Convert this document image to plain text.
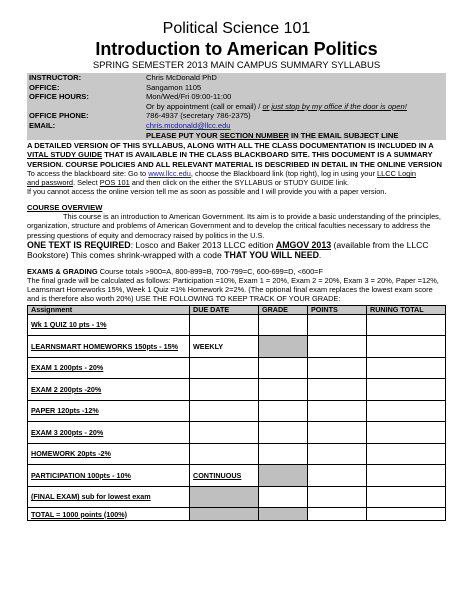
Political Science 101
Introduction to American Politics
SPRING SEMESTER 2013 MAIN CAMPUS SUMMARY SYLLABUS
INSTRUCTOR:	Chris McDonald PhD
OFFICE:	Sangamon 1105
OFFICE HOURS:	Mon/Wed/Fri 09:00-11:00
	Or by appointment (call or email) / or just stop by my office if the door is open!
OFFICE PHONE:	786-4937 (secretary 786-2375)
EMAIL:	chris.mcdonald@llcc.edu
	PLEASE PUT YOUR SECTION NUMBER IN THE EMAIL SUBJECT LINE
A DETAILED VERSION OF THIS SYLLABUS, ALONG WITH ALL THE CLASS DOCUMENTATION IS INCLUDED IN A VITAL STUDY GUIDE THAT IS AVAILABLE IN THE CLASS BLACKBOARD SITE. THIS DOCUMENT IS A SUMMARY VERSION. COURSE POLICIES AND ALL RELEVANT MATERIAL IS DESCRIBED IN DETAIL IN THE ONLINE VERSION
To access the blackboard site: Go to www.llcc.edu, choose the Blackboard link (top right), log in using your LLCC Login
and password. Select POS 101 and then click on the either the SYLLABUS or STUDY GUIDE link.
If you cannot access the online version tell me as soon as possible and I will provide you with a paper version.
COURSE OVERVIEW
This course is an introduction to American Government. Its aim is to provide a basic understanding of the principles, organization, structure and problems of American Government and to develop the critical faculties necessary to address the pressing questions of equity and democracy raised by politics in the U.S.
ONE TEXT IS REQUIRED: Losco and Baker 2013 LLCC edition AMGOV 2013 (available from the LLCC
Bookstore) This comes shrink-wrapped with a code THAT YOU WILL NEED.
EXAMS & GRADING Course totals >900=A, 800-899=B, 700-799=C, 600-699=D, <600=F
The final grade will be calculated as follows: Participation =10%, Exam 1 = 20%, Exam 2 = 20%, Exam 3 = 20%, Paper =12%, Learnsmart Homeworks 15%, Week 1 Quiz =1% Homework 2=2%. (The optional final exam replaces the lowest exam score and is therefore also worth 20%) USE THE FOLLOWING TO KEEP TRACK OF YOUR GRADE:
Assignment	DUE DATE	GRADE	POINTS	RUNING TOTAL
Wk 1 QUIZ 10 pts - 1%				
LEARNSMART HOMEWORKS 150pts - 15%	WEEKLY			
EXAM 1 200pts - 20%				
EXAM 2 200pts -20%				
PAPER 120pts -12%				
EXAM 3 200pts - 20%				
HOMEWORK 20pts -2%				
PARTICIPATION 100pts - 10%	CONTINUOUS			
(FINAL EXAM) sub for lowest exam				
TOTAL = 1000 points (100%)				
